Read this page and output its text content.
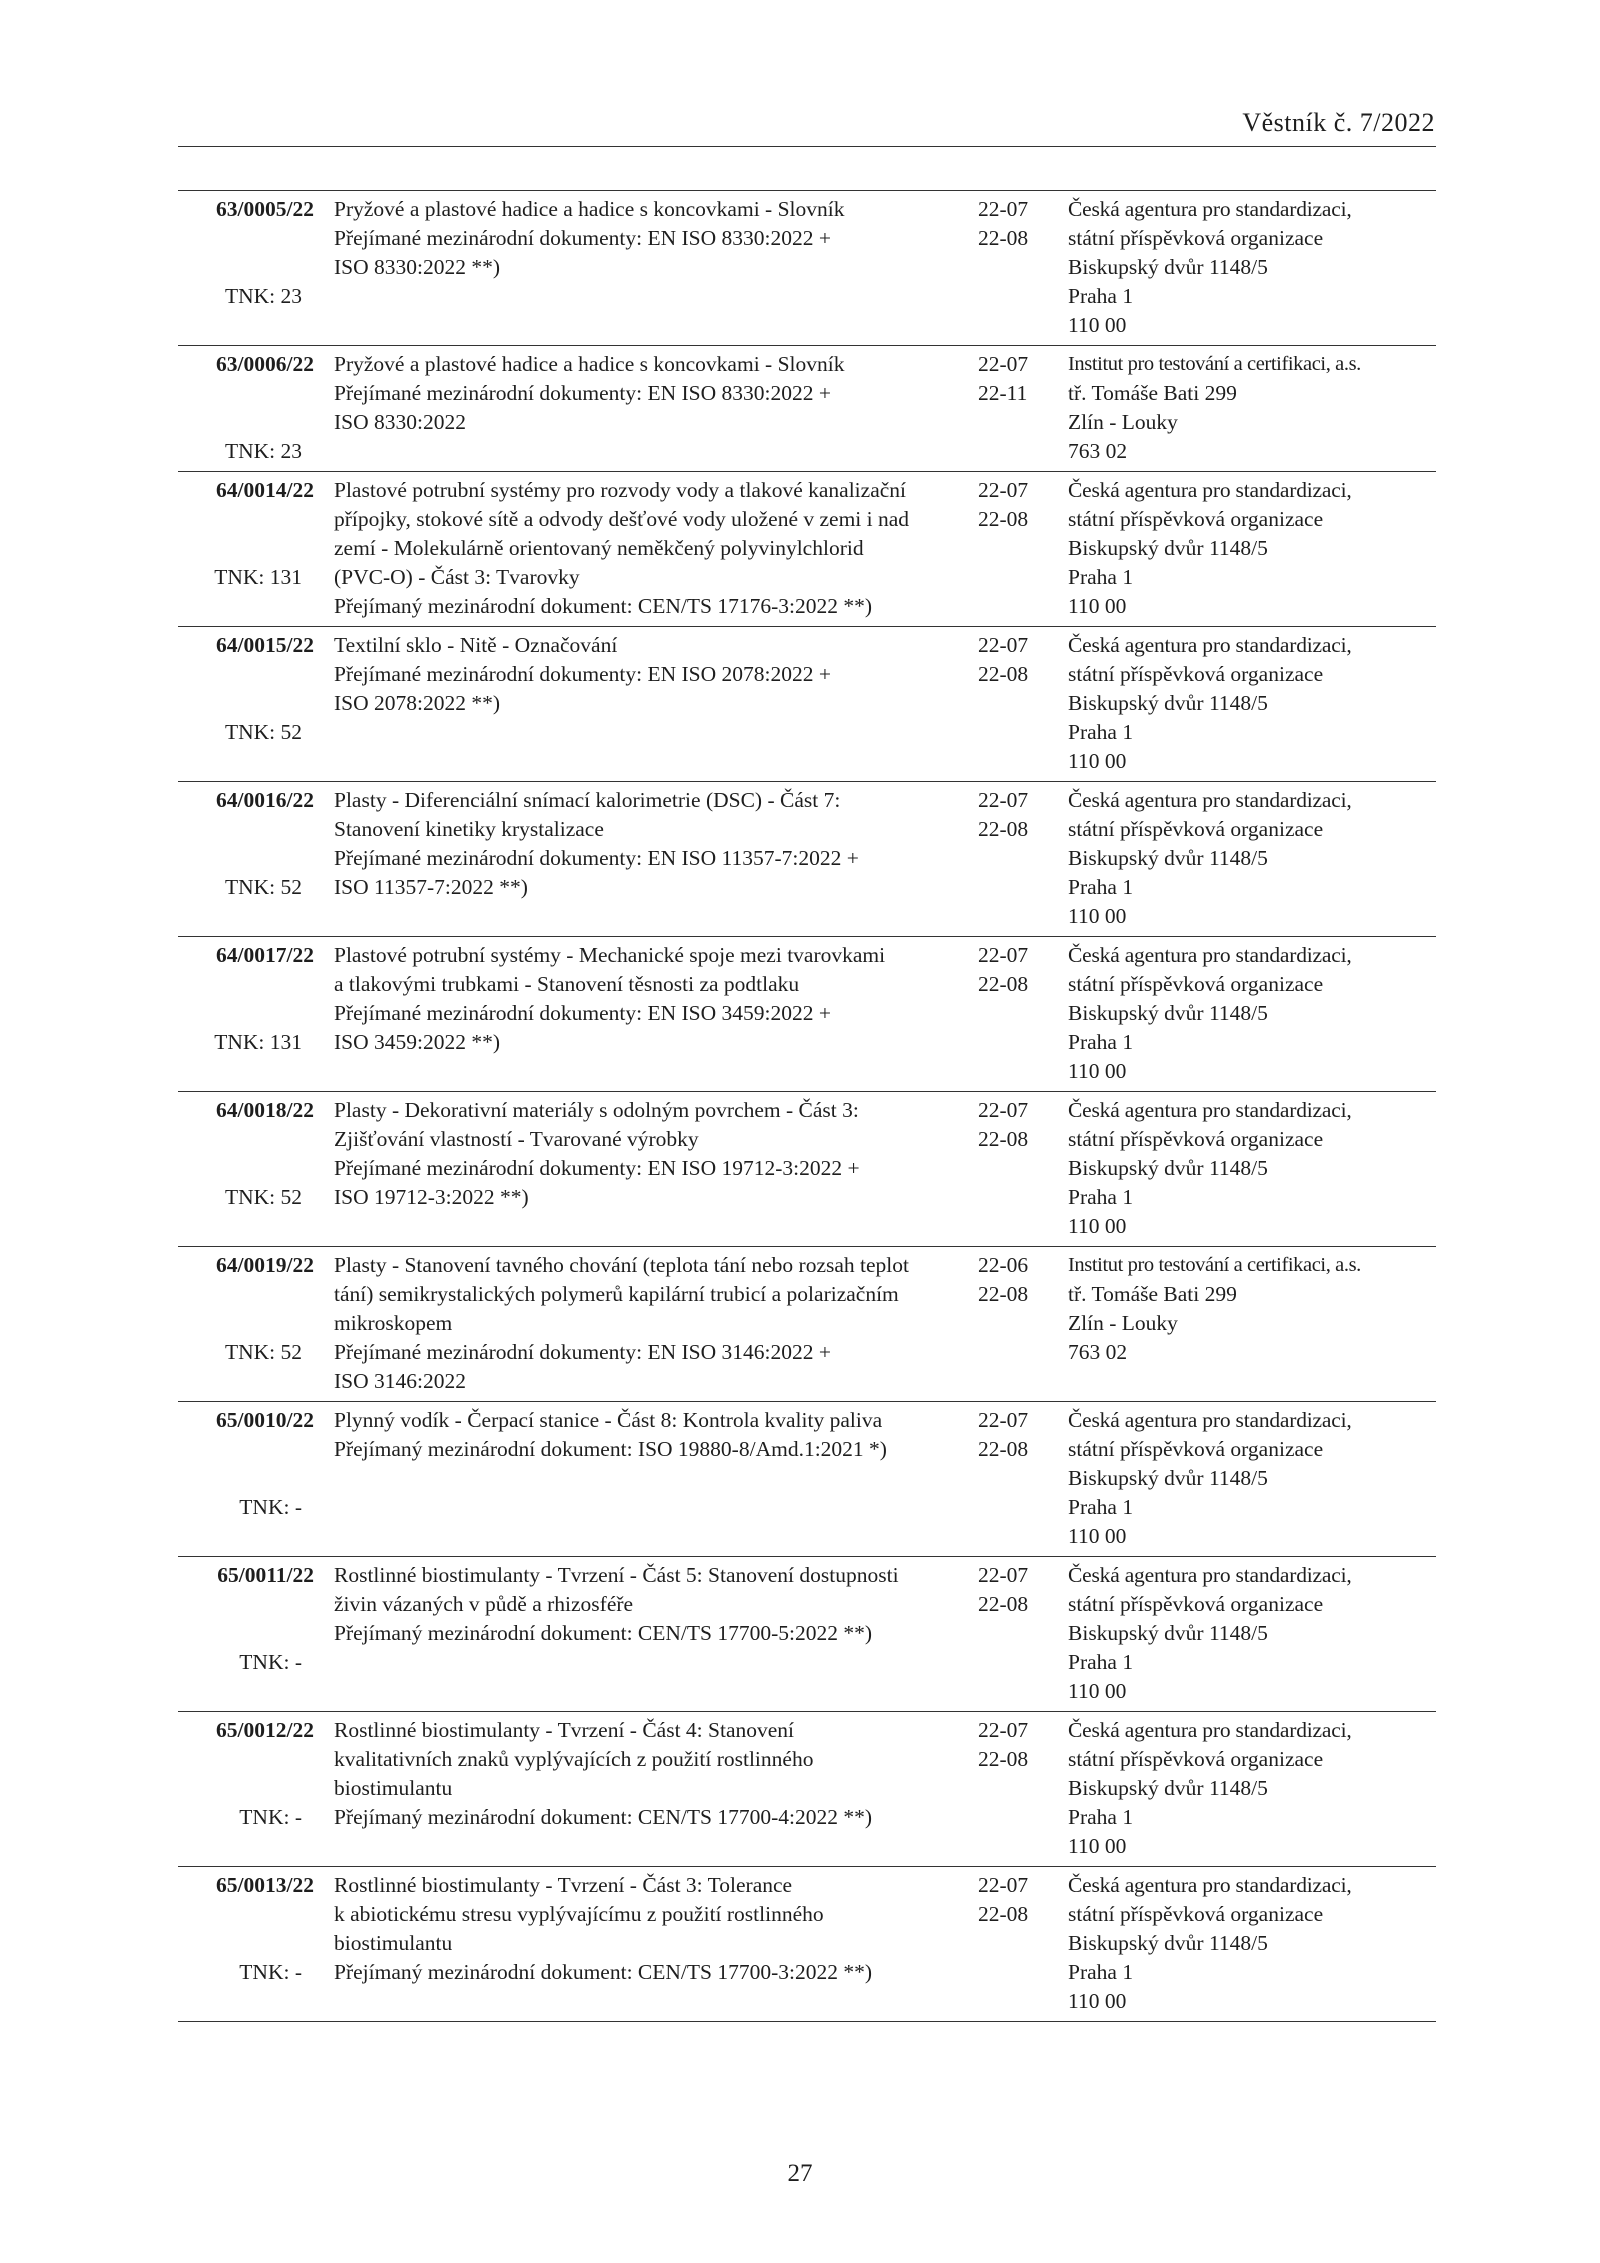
Věstník č. 7/2022
63/0005/22
TNK: 23
Pryžové a plastové hadice a hadice s koncovkami - Slovník
Přejímané mezinárodní dokumenty: EN ISO 8330:2022 +
ISO 8330:2022 **)
22-07
22-08
Česká agentura pro standardizaci,
státní příspěvková organizace
Biskupský dvůr 1148/5
Praha 1
110 00
63/0006/22
TNK: 23
Pryžové a plastové hadice a hadice s koncovkami - Slovník
Přejímané mezinárodní dokumenty: EN ISO 8330:2022 +
ISO 8330:2022
22-07
22-11
Institut pro testování a certifikaci, a.s.
tř. Tomáše Bati 299
Zlín - Louky
763 02
64/0014/22
TNK: 131
Plastové potrubní systémy pro rozvody vody a tlakové kanalizační
přípojky, stokové sítě a odvody dešťové vody uložené v zemi i nad
zemí - Molekulárně orientovaný neměkčený polyvinylchlorid
(PVC-O) - Část 3: Tvarovky
Přejímaný mezinárodní dokument: CEN/TS 17176-3:2022 **)
22-07
22-08
Česká agentura pro standardizaci,
státní příspěvková organizace
Biskupský dvůr 1148/5
Praha 1
110 00
64/0015/22
TNK: 52
Textilní sklo - Nitě - Označování
Přejímané mezinárodní dokumenty: EN ISO 2078:2022 +
ISO 2078:2022 **)
22-07
22-08
Česká agentura pro standardizaci,
státní příspěvková organizace
Biskupský dvůr 1148/5
Praha 1
110 00
64/0016/22
TNK: 52
Plasty - Diferenciální snímací kalorimetrie (DSC) - Část 7:
Stanovení kinetiky krystalizace
Přejímané mezinárodní dokumenty: EN ISO 11357-7:2022 +
ISO 11357-7:2022 **)
22-07
22-08
Česká agentura pro standardizaci,
státní příspěvková organizace
Biskupský dvůr 1148/5
Praha 1
110 00
64/0017/22
TNK: 131
Plastové potrubní systémy - Mechanické spoje mezi tvarovkami
a tlakovými trubkami - Stanovení těsnosti za podtlaku
Přejímané mezinárodní dokumenty: EN ISO 3459:2022 +
ISO 3459:2022 **)
22-07
22-08
Česká agentura pro standardizaci,
státní příspěvková organizace
Biskupský dvůr 1148/5
Praha 1
110 00
64/0018/22
TNK: 52
Plasty - Dekorativní materiály s odolným povrchem - Část 3:
Zjišťování vlastností - Tvarované výrobky
Přejímané mezinárodní dokumenty: EN ISO 19712-3:2022 +
ISO 19712-3:2022 **)
22-07
22-08
Česká agentura pro standardizaci,
státní příspěvková organizace
Biskupský dvůr 1148/5
Praha 1
110 00
64/0019/22
TNK: 52
Plasty - Stanovení tavného chování (teplota tání nebo rozsah teplot
tání) semikrystalických polymerů kapilární trubicí a polarizačním
mikroskopem
Přejímané mezinárodní dokumenty: EN ISO 3146:2022 +
ISO 3146:2022
22-06
22-08
Institut pro testování a certifikaci, a.s.
tř. Tomáše Bati 299
Zlín - Louky
763 02
65/0010/22
TNK: -
Plynný vodík - Čerpací stanice - Část 8: Kontrola kvality paliva
Přejímaný mezinárodní dokument: ISO 19880-8/Amd.1:2021 *)
22-07
22-08
Česká agentura pro standardizaci,
státní příspěvková organizace
Biskupský dvůr 1148/5
Praha 1
110 00
65/0011/22
TNK: -
Rostlinné biostimulanty - Tvrzení - Část 5: Stanovení dostupnosti
živin vázaných v půdě a rhizosféře
Přejímaný mezinárodní dokument: CEN/TS 17700-5:2022 **)
22-07
22-08
Česká agentura pro standardizaci,
státní příspěvková organizace
Biskupský dvůr 1148/5
Praha 1
110 00
65/0012/22
TNK: -
Rostlinné biostimulanty - Tvrzení - Část 4: Stanovení
kvalitativních znaků vyplývajících z použití rostlinného
biostimulantu
Přejímaný mezinárodní dokument: CEN/TS 17700-4:2022 **)
22-07
22-08
Česká agentura pro standardizaci,
státní příspěvková organizace
Biskupský dvůr 1148/5
Praha 1
110 00
65/0013/22
TNK: -
Rostlinné biostimulanty - Tvrzení - Část 3: Tolerance
k abiotickému stresu vyplývajícímu z použití rostlinného
biostimulantu
Přejímaný mezinárodní dokument: CEN/TS 17700-3:2022 **)
22-07
22-08
Česká agentura pro standardizaci,
státní příspěvková organizace
Biskupský dvůr 1148/5
Praha 1
110 00
27
